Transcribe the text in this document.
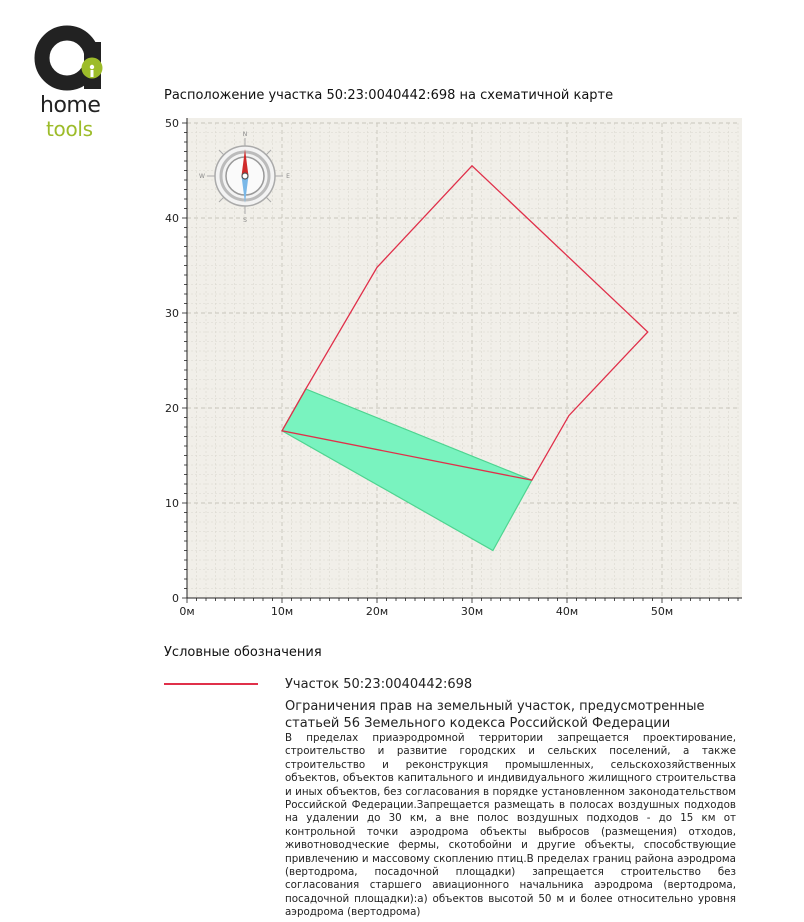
home
tools
Расположение участка 50:23:0040442:698 на схематичной карте
0м	10м	20м	30м	40м	50м
0
10
20
30
40
50
N
S
E
W
Условные обозначения
Участок 50:23:0040442:698
Ограничения прав на земельный участок, предусмотренные статьей 56 Земельного кодекса Российской Федерации
В пределах приаэродромной территории запрещается проектирование, строительство и развитие городских и сельских поселений, а также строительство и реконструкция промышленных, сельскохозяйственных объектов, объектов капитального и индивидуального жилищного строительства и иных объектов, без согласования в порядке установленном законодательством Российской Федерации.Запрещается размещать в полосах воздушных подходов на удалении до 30 км, а вне полос воздушных подходов - до 15 км от контрольной точки аэродрома объекты выбросов (размещения) отходов, животноводческие фермы, скотобойни и другие объекты, способствующие привлечению и массовому скоплению птиц.В пределах границ района аэродрома (вертодрома, посадочной площадки) запрещается строительство без согласования старшего авиационного начальника аэродрома (вертодрома, посадочной площадки):а) объектов высотой 50 м и более относительно уровня аэродрома (вертодрома)
